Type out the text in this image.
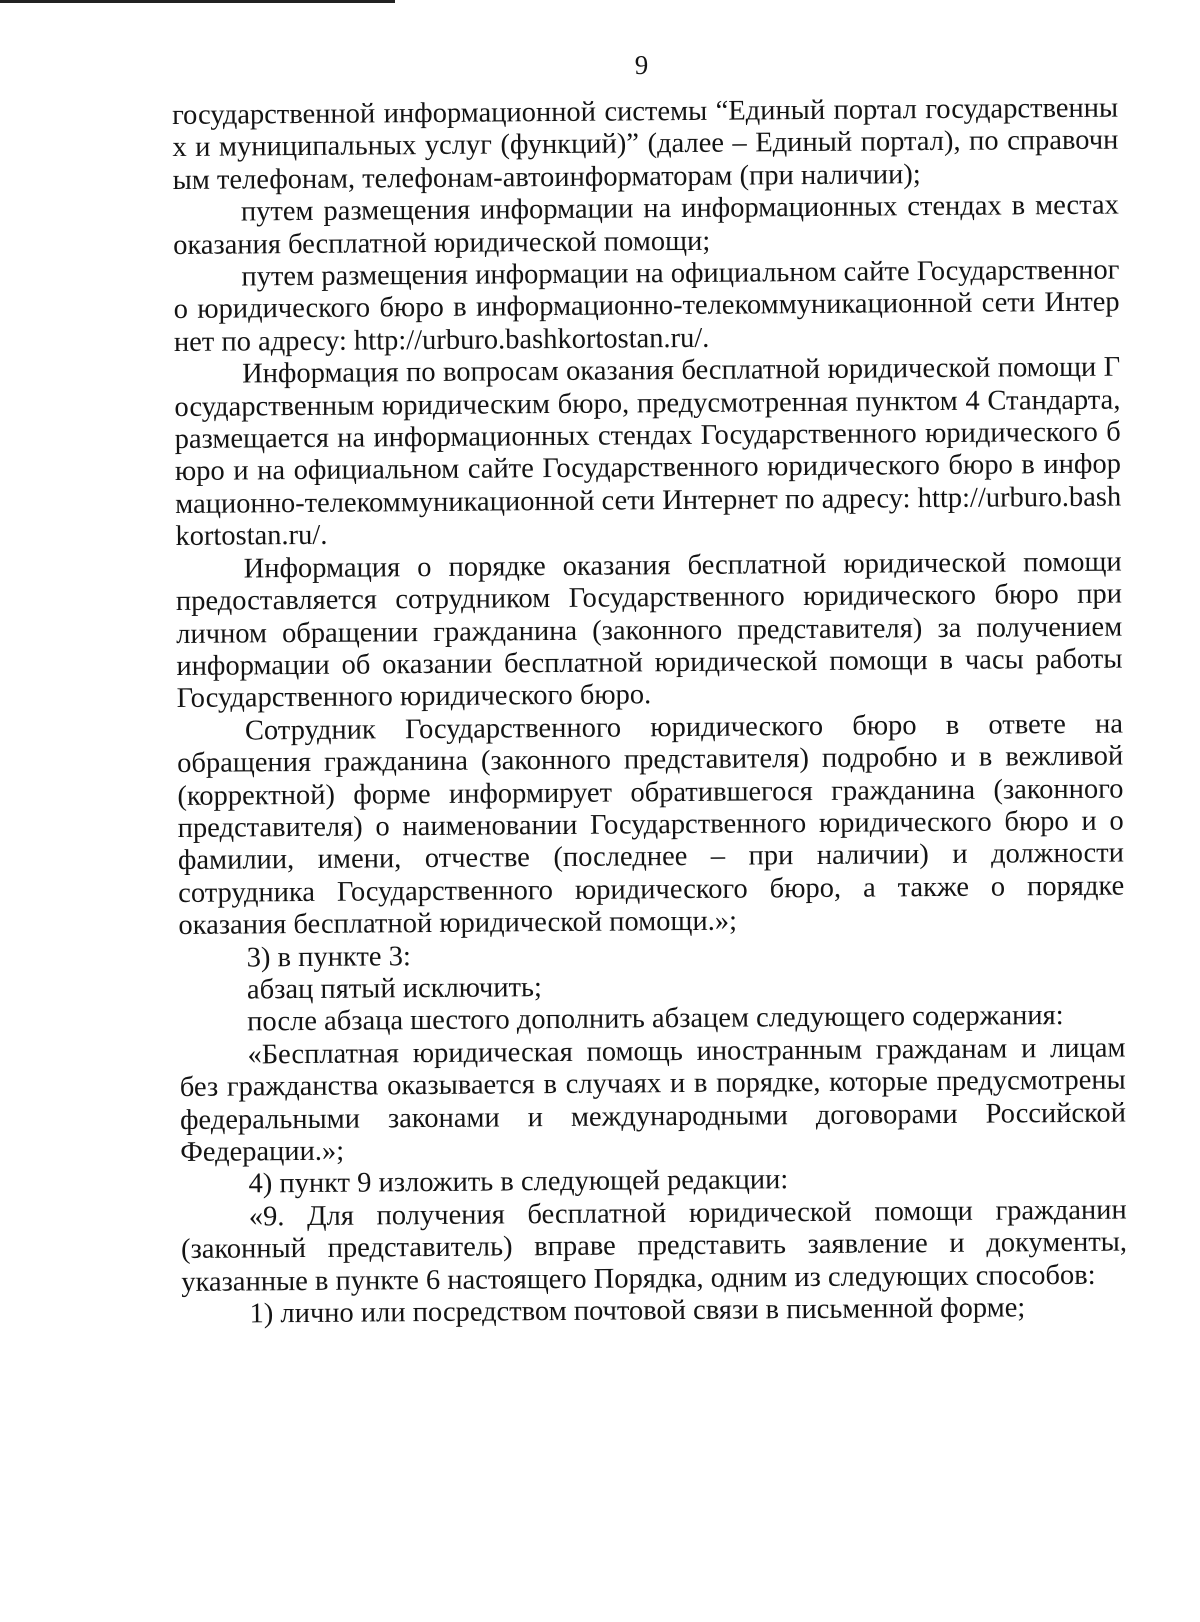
9

государственной информационной системы “Единый портал государственных и муниципальных услуг (функций)” (далее – Единый портал), по справочным телефонам, телефонам-автоинформаторам (при наличии);

путем размещения информации на информационных стендах в местах оказания бесплатной юридической помощи;

путем размещения информации на официальном сайте Государственного юридического бюро в информационно-телекоммуникационной сети Интернет по адресу: http://urburo.bashkortostan.ru/.

Информация по вопросам оказания бесплатной юридической помощи Государственным юридическим бюро, предусмотренная пунктом 4 Стандарта, размещается на информационных стендах Государственного юридического бюро и на официальном сайте Государственного юридического бюро в информационно-телекоммуникационной сети Интернет по адресу: http://urburo.bashkortostan.ru/.

Информация о порядке оказания бесплатной юридической помощи предоставляется сотрудником Государственного юридического бюро при личном обращении гражданина (законного представителя) за получением информации об оказании бесплатной юридической помощи в часы работы Государственного юридического бюро.

Сотрудник Государственного юридического бюро в ответе на обращения гражданина (законного представителя) подробно и в вежливой (корректной) форме информирует обратившегося гражданина (законного представителя) о наименовании Государственного юридического бюро и о фамилии, имени, отчестве (последнее – при наличии) и должности сотрудника Государственного юридического бюро, а также о порядке оказания бесплатной юридической помощи.»;

3) в пункте 3:

абзац пятый исключить;

после абзаца шестого дополнить абзацем следующего содержания:

«Бесплатная юридическая помощь иностранным гражданам и лицам без гражданства оказывается в случаях и в порядке, которые предусмотрены федеральными законами и международными договорами Российской Федерации.»;

4) пункт 9 изложить в следующей редакции:

«9. Для получения бесплатной юридической помощи гражданин (законный представитель) вправе представить заявление и документы, указанные в пункте 6 настоящего Порядка, одним из следующих способов:

1) лично или посредством почтовой связи в письменной форме;
